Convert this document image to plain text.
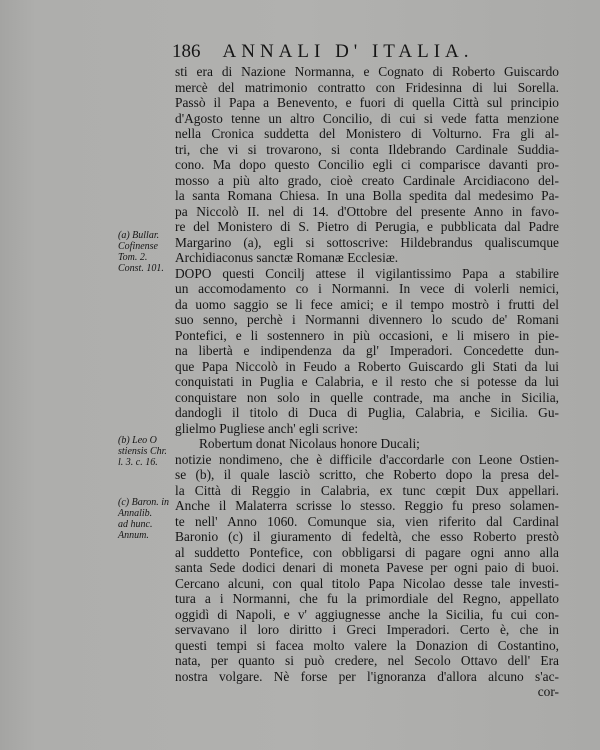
186 ANNALI D' ITALIA.
sti era di Nazione Normanna, e Cognato di Roberto Guiscardo
mercè del matrimonio contratto con Fridesinna di lui Sorella.
Passò il Papa a Benevento, e fuori di quella Città sul principio
d'Agosto tenne un altro Concilio, di cui si vede fatta menzione
nella Cronica suddetta del Monistero di Volturno. Fra gli al-
tri, che vi si trovarono, si conta Ildebrando Cardinale Suddia-
cono. Ma dopo questo Concilio egli ci comparisce davanti pro-
mosso a più alto grado, cioè creato Cardinale Arcidiacono del-
la santa Romana Chiesa. In una Bolla spedita dal medesimo Pa-
pa Niccolò II. nel di 14. d'Ottobre del presente Anno in favo-
re del Monistero di S. Pietro di Perugia, e pubblicata dal Padre
Margarino (a), egli si sottoscrive: Hildebrandus qualiscumque
Archidiaconus sanctæ Romanæ Ecclesiæ.
DOPO questi Concilj attese il vigilantissimo Papa a stabilire
un accomodamento co i Normanni. In vece di volerli nemici,
da uomo saggio se li fece amici; e il tempo mostrò i frutti del
suo senno, perchè i Normanni divennero lo scudo de' Romani
Pontefici, e li sostennero in più occasioni, e li misero in pie-
na libertà e indipendenza da gl' Imperadori. Concedette dun-
que Papa Niccolò in Feudo a Roberto Guiscardo gli Stati da lui
conquistati in Puglia e Calabria, e il resto che si potesse da lui
conquistare non solo in quelle contrade, ma anche in Sicilia,
dandogli il titolo di Duca di Puglia, Calabria, e Sicilia. Gu-
glielmo Pugliese anch' egli scrive:
Robertum donat Nicolaus honore Ducali;
notizie nondimeno, che è difficile d'accordarle con Leone Ostien-
se (b), il quale lasciò scritto, che Roberto dopo la presa del-
la Città di Reggio in Calabria, ex tunc cœpit Dux appellari.
Anche il Malaterra scrisse lo stesso. Reggio fu preso solamen-
te nell' Anno 1060. Comunque sia, vien riferito dal Cardinal
Baronio (c) il giuramento di fedeltà, che esso Roberto prestò
al suddetto Pontefice, con obbligarsi di pagare ogni anno alla
santa Sede dodici denari di moneta Pavese per ogni paio di buoi.
Cercano alcuni, con qual titolo Papa Nicolao desse tale investi-
tura a i Normanni, che fu la primordiale del Regno, appellato
oggidì di Napoli, e v' aggiugnesse anche la Sicilia, fu cui con-
servavano il loro diritto i Greci Imperadori. Certo è, che in
questi tempi si facea molto valere la Donazion di Costantino,
nata, per quanto si può credere, nel Secolo Ottavo dell' Era
nostra volgare. Nè forse per l'ignoranza d'allora alcuno s'ac-
cor-
(a) Bullar.
Cofinense
Tom. 2.
Const. 101.
(b) Leo O
stiensis Chr.
l. 3. c. 16.
(c) Baron. in
Annalib.
ad hunc.
Annum.
